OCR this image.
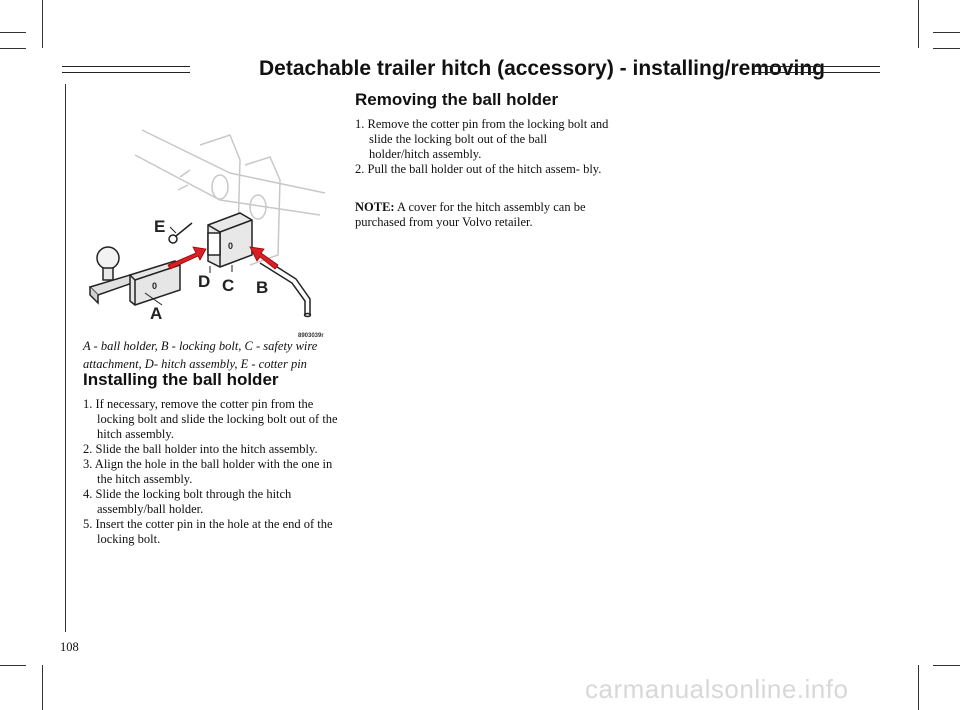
Detachable trailer hitch (accessory) - installing/removing
0
0
A
B
C
D
E
8903039r
A - ball holder, B - locking bolt, C - safety wire attachment, D- hitch assembly, E - cotter pin
Installing the ball holder
1. If necessary, remove the cotter pin from the locking bolt and slide the locking bolt out of the hitch assembly.
2. Slide the ball holder into the hitch assembly.
3. Align the hole in the ball holder with the one in the hitch assembly.
4. Slide the locking bolt through the hitch assembly/ball holder.
5. Insert the cotter pin in the hole at the end of the locking bolt.
Removing the ball holder
1. Remove the cotter pin from the locking bolt and slide the locking bolt out of the ball holder/hitch assembly.
2. Pull the ball holder out of the hitch assem- bly.
NOTE: A cover for the hitch assembly can be purchased from your Volvo retailer.
108
carmanualsonline.info
